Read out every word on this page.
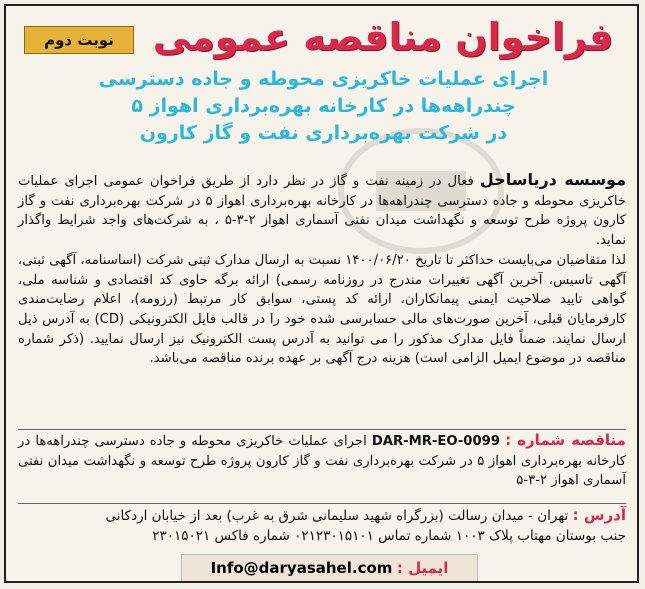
فراخوان مناقصه عمومی
نوبت دوم
اجرای عملیات خاکریزی محوطه و جاده دسترسی
چندراهه‌ها در کارخانه بهره‌برداری اهواز ۵
در شرکت بهره‌برداری نفت و گاز کارون
موسسه دریاساحل فعال در زمینه نفت و گاز در نظر دارد از طریق فراخوان عمومی اجرای عملیات خاکریزی محوطه و جاده دسترسی چندراهه‌ها در کارخانه بهره‌برداری اهواز ۵ در شرکت بهره‌برداری نفت و گاز کارون پروژه طرح توسعه و نگهداشت میدان نفتی آسماری اهواز ۲-۳-۵ ، به شرکت‌های واجد شرایط واگذار نماید.
لذا متقاضیان می‌بایست حداکثر تا تاریخ ۱۴۰۰/۰۶/۲۰ نسبت به ارسال مدارک ثبتی شرکت (اساسنامه، آگهی ثبتی، آگهی تاسیس، آخرین آگهی تغییرات مندرج در روزنامه رسمی) ارائه برگه حاوی کد اقتصادی و شناسه ملی، گواهی تایید صلاحیت ایمنی پیمانکاران، ارائه کد پستی، سوابق کار مرتبط (رزومه)، اعلام رضایت‌مندی کارفرمایان قبلی، آخرین صورت‌های مالی حسابرسی شده خود را در قالب فایل الکترونیکی (CD) به آدرس ذیل ارسال نمایند. ضمناً فایل مدارک مذکور را می توانید به آدرس پست الکترونیک نیز ارسال نمایید. (ذکر شماره مناقصه در موضوع ایمیل الزامی است) هزینه درج آگهی بر عهده برنده مناقصه می‌باشد.
مناقصه شماره : DAR-MR-EO-0099 اجرای عملیات خاکریزی محوطه و جاده دسترسی چندراهه‌ها در کارخانه بهره‌برداری اهواز ۵ در شرکت بهره‌برداری نفت و گاز کارون پروژه طرح توسعه و نگهداشت میدان نفتی آسماری اهواز ۲-۳-۵
آدرس : تهران - میدان رسالت (بزرگراه شهید سلیمانی شرق به غرب) بعد از خیابان اردکانی
جنب بوستان مهتاب پلاک ۱۰۰۳ شماره تماس ۰۲۱۲۳۰۱۵۱۰۱ شماره فاکس ۲۳۰۱۵۰۲۱
ایمیل : Info@daryasahel.com
